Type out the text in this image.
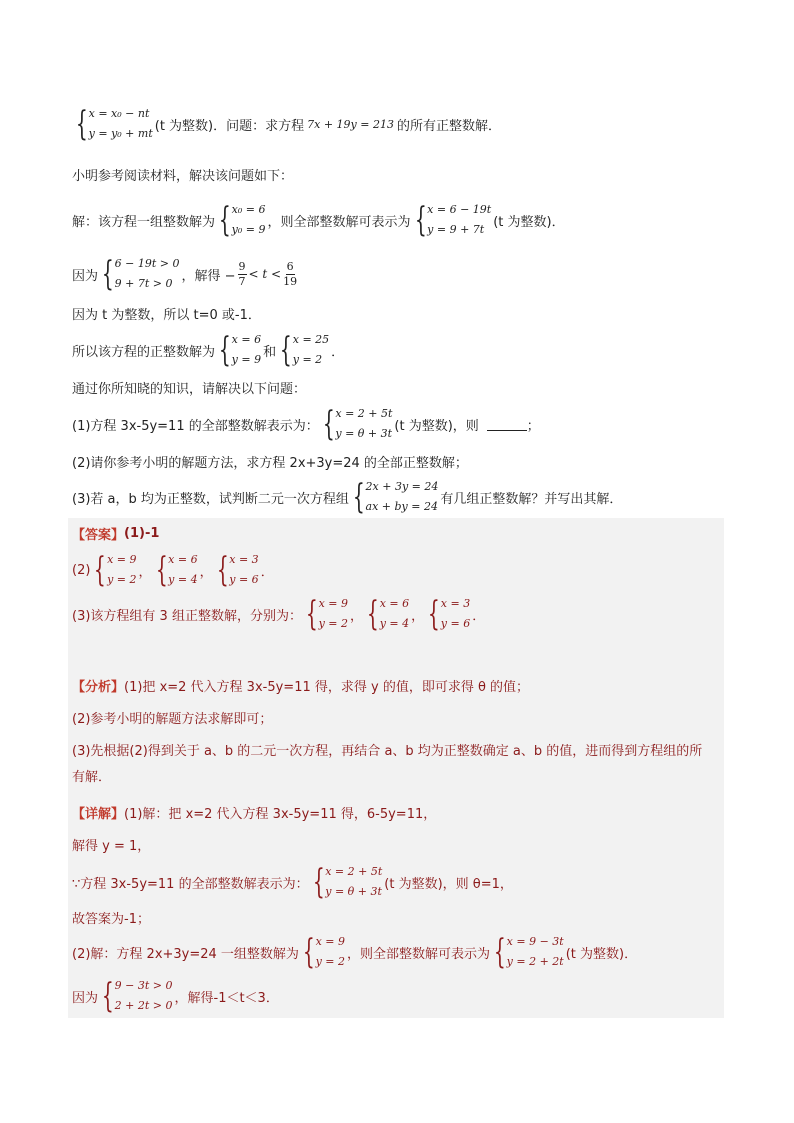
{ x = x₀ − nt
y = y₀ + mt (t 为整数)．问题：求方程 7x + 19y = 213 的所有正整数解．
小明参考阅读材料，解决该问题如下：
解：该方程一组整数解为 { x₀ = 6
y₀ = 9 ，则全部整数解可表示为 { x = 6 − 19t
y = 9 + 7t (t 为整数)．
因为 { 6 − 19t > 0
9 + 7t > 0 ，解得 − $\frac{9}{7} < t < \frac{6}{19}$
因为 t 为整数，所以 t=0 或-1．
所以该方程的正整数解为 { x = 6
y = 9 和 { x = 25
y = 2 ．
通过你所知晓的知识，请解决以下问题：
(1)方程 3x-5y=11 的全部整数解表示为： { x = 2 + 5t
y = θ + 3t (t 为整数)，则	；
(2)请你参考小明的解题方法，求方程 2x+3y=24 的全部正整数解；
(3)若 a，b 均为正整数，试判断二元一次方程组 { 2x + 3y = 24
ax + by = 24 有几组正整数解？并写出其解．
【答案】 (1)-1
(2) { x = 9
y = 2 ， { x = 6
y = 4 ， { x = 3
y = 6 ．
(3)该方程组有 3 组正整数解，分别为： { x = 9
y = 2 ， { x = 6
y = 4 ， { x = 3
y = 6 ．
【分析】 (1)把 x=2 代入方程 3x-5y=11 得，求得 y 的值，即可求得 θ 的值；
(2)参考小明的解题方法求解即可；
(3)先根据(2)得到关于 a、b 的二元一次方程，再结合 a、b 均为正整数确定 a、b 的值，进而得到方程组的所
有解．
【详解】 (1)解：把 x=2 代入方程 3x-5y=11 得，6-5y=11，
解得 y = 1，
∵方程 3x-5y=11 的全部整数解表示为： { x = 2 + 5t
y = θ + 3t (t 为整数)，则 θ=1，
故答案为-1；
(2)解：方程 2x+3y=24 一组整数解为 { x = 9
y = 2 ，则全部整数解可表示为 { x = 9 − 3t
y = 2 + 2t (t 为整数)．
因为 { 9 − 3t > 0
2 + 2t > 0 ，解得-1＜t＜3．
